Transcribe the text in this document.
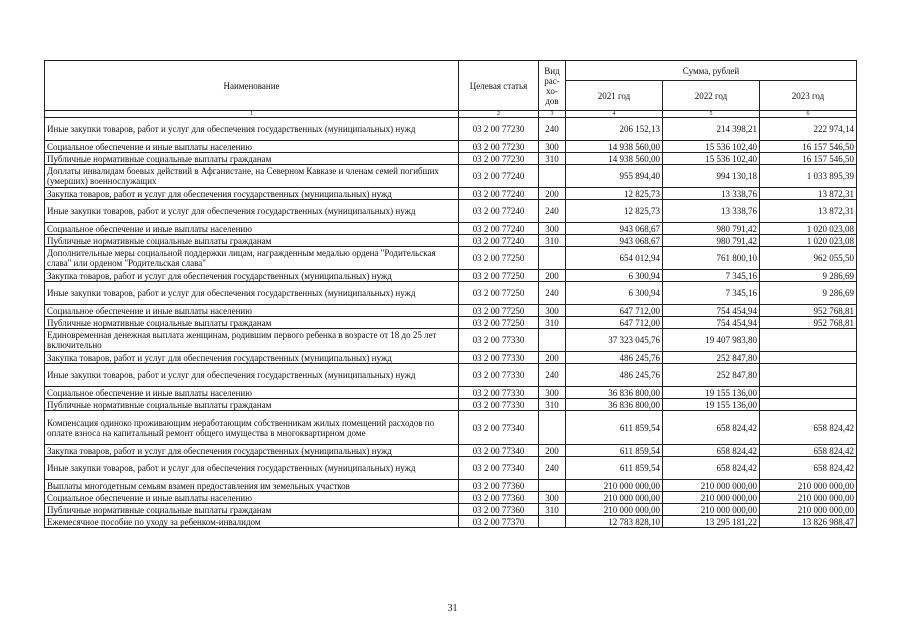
Наименование	Целевая статья	Вид рас-хо-дов	Сумма, рублей		
			2021 год	2022 год	2023 год
1	2	3	4	5	6
Иные закупки товаров, работ и услуг для обеспечения государственных (муниципальных) нужд	03 2 00 77230	240	206 152,13	214 398,21	222 974,14
Социальное обеспечение и иные выплаты населению	03 2 00 77230	300	14 938 560,00	15 536 102,40	16 157 546,50
Публичные нормативные социальные выплаты гражданам	03 2 00 77230	310	14 938 560,00	15 536 102,40	16 157 546,50
Доплаты инвалидам боевых действий в Афганистане, на Северном Кавказе и членам семей погибших (умерших) военнослужащих	03 2 00 77240		955 894,40	994 130,18	1 033 895,39
Закупка товаров, работ и услуг для обеспечения государственных (муниципальных) нужд	03 2 00 77240	200	12 825,73	13 338,76	13 872,31
Иные закупки товаров, работ и услуг для обеспечения государственных (муниципальных) нужд	03 2 00 77240	240	12 825,73	13 338,76	13 872,31
Социальное обеспечение и иные выплаты населению	03 2 00 77240	300	943 068,67	980 791,42	1 020 023,08
Публичные нормативные социальные выплаты гражданам	03 2 00 77240	310	943 068,67	980 791,42	1 020 023,08
Дополнительные меры социальной поддержки лицам, награжденным медалью ордена "Родительская слава" или орденом "Родительская слава"	03 2 00 77250		654 012,94	761 800,10	962 055,50
Закупка товаров, работ и услуг для обеспечения государственных (муниципальных) нужд	03 2 00 77250	200	6 300,94	7 345,16	9 286,69
Иные закупки товаров, работ и услуг для обеспечения государственных (муниципальных) нужд	03 2 00 77250	240	6 300,94	7 345,16	9 286,69
Социальное обеспечение и иные выплаты населению	03 2 00 77250	300	647 712,00	754 454,94	952 768,81
Публичные нормативные социальные выплаты гражданам	03 2 00 77250	310	647 712,00	754 454,94	952 768,81
Единовременная денежная выплата женщинам, родившим первого ребенка в возрасте от 18 до 25 лет включительно	03 2 00 77330		37 323 045,76	19 407 983,80	
Закупка товаров, работ и услуг для обеспечения государственных (муниципальных) нужд	03 2 00 77330	200	486 245,76	252 847,80	
Иные закупки товаров, работ и услуг для обеспечения государственных (муниципальных) нужд	03 2 00 77330	240	486 245,76	252 847,80	
Социальное обеспечение и иные выплаты населению	03 2 00 77330	300	36 836 800,00	19 155 136,00	
Публичные нормативные социальные выплаты гражданам	03 2 00 77330	310	36 836 800,00	19 155 136,00	
Компенсация одиноко проживающим неработающим собственникам жилых помещений расходов по оплате взноса на капитальный ремонт общего имущества в многоквартирном доме	03 2 00 77340		611 859,54	658 824,42	658 824,42
Закупка товаров, работ и услуг для обеспечения государственных (муниципальных) нужд	03 2 00 77340	200	611 859,54	658 824,42	658 824,42
Иные закупки товаров, работ и услуг для обеспечения государственных (муниципальных) нужд	03 2 00 77340	240	611 859,54	658 824,42	658 824,42
Выплаты многодетным семьям взамен предоставления им земельных участков	03 2 00 77360		210 000 000,00	210 000 000,00	210 000 000,00
Социальное обеспечение и иные выплаты населению	03 2 00 77360	300	210 000 000,00	210 000 000,00	210 000 000,00
Публичные нормативные социальные выплаты гражданам	03 2 00 77360	310	210 000 000,00	210 000 000,00	210 000 000,00
Ежемесячное пособие по уходу за ребенком-инвалидом	03 2 00 77370		12 783 828,10	13 295 181,22	13 826 988,47
31
